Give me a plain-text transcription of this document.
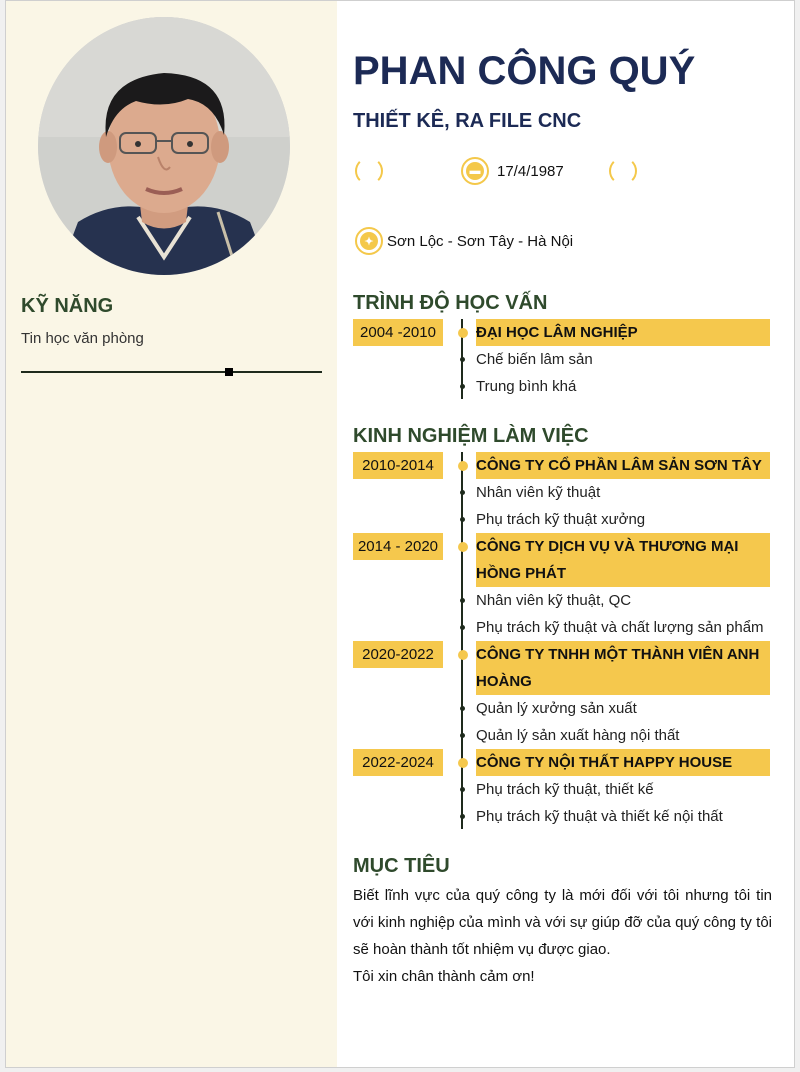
KỸ NĂNG
Tin học văn phòng
PHAN CÔNG QUÝ
THIẾT KÊ, RA FILE CNC
▬ 17/4/1987
✦ Sơn Lộc - Sơn Tây - Hà Nội
TRÌNH ĐỘ HỌC VẤN
2004 -2010	ĐẠI HỌC LÂM NGHIỆP
Chế biến lâm sản
Trung bình khá
KINH NGHIỆM LÀM VIỆC
2010-2014	CÔNG TY CỔ PHẦN LÂM SẢN SƠN TÂY
Nhân viên kỹ thuật
Phụ trách kỹ thuật xưởng
2014 - 2020	CÔNG TY DỊCH VỤ VÀ THƯƠNG MẠI
HỒNG PHÁT
Nhân viên kỹ thuật, QC
Phụ trách kỹ thuật và chất lượng sản phẩm
2020-2022	CÔNG TY TNHH MỘT THÀNH VIÊN ANH
HOÀNG
Quản lý xưởng sản xuất
Quản lý sản xuất hàng nội thất
2022-2024	CÔNG TY NỘI THẤT HAPPY HOUSE
Phụ trách kỹ thuật, thiết kế
Phụ trách kỹ thuật và thiết kế nội thất
MỤC TIÊU

Biết lĩnh vực của quý công ty là mới đối với tôi nhưng tôi tin với kinh nghiệp của mình và với sự giúp đỡ của quý công ty tôi sẽ hoàn thành tốt nhiệm vụ được giao.

Tôi xin chân thành cảm ơn!
